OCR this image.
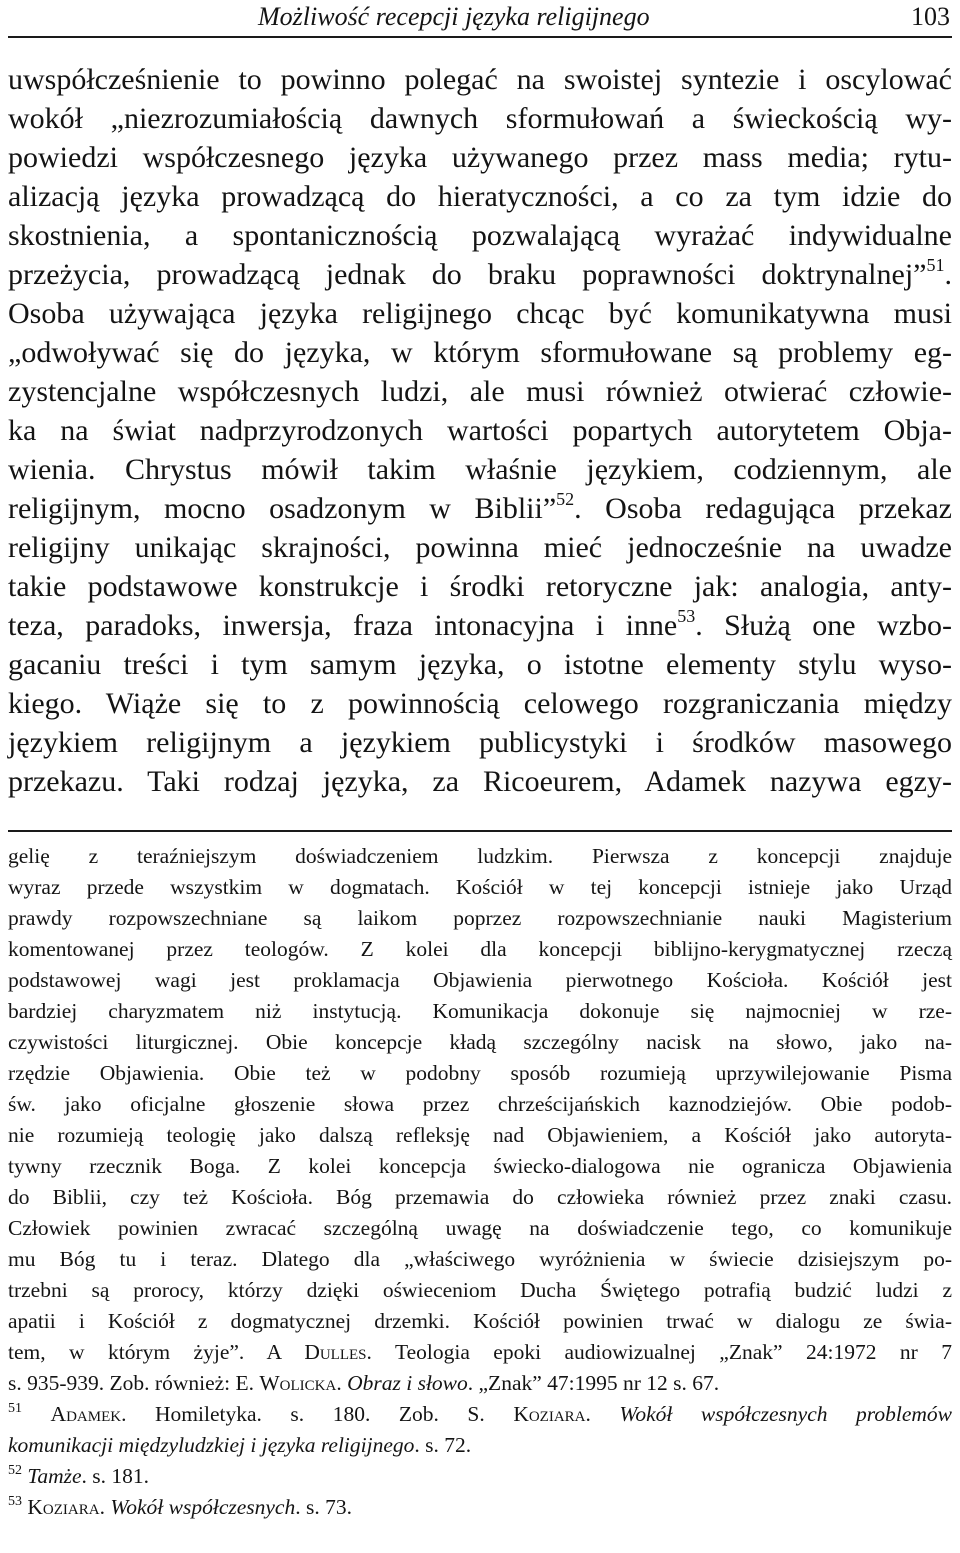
Możliwość recepcji języka religijnego	103
uwspółcześnienie to powinno polegać na swoistej syntezie i oscylować
wokół „niezrozumiałością dawnych sformułowań a świeckością wy-
powiedzi współczesnego języka używanego przez mass media; rytu-
alizacją języka prowadzącą do hieratyczności, a co za tym idzie do
skostnienia, a spontanicznością pozwalającą wyrażać indywidualne
przeżycia, prowadzącą jednak do braku poprawności doktrynalnej”$^{51}$.
Osoba używająca języka religijnego chcąc być komunikatywna musi
„odwoływać się do języka, w którym sformułowane są problemy eg-
zystencjalne współczesnych ludzi, ale musi również otwierać człowie-
ka na świat nadprzyrodzonych wartości popartych autorytetem Obja-
wienia. Chrystus mówił takim właśnie językiem, codziennym, ale
religijnym, mocno osadzonym w Biblii”$^{52}$. Osoba redagująca przekaz
religijny unikając skrajności, powinna mieć jednocześnie na uwadze
takie podstawowe konstrukcje i środki retoryczne jak: analogia, anty-
teza, paradoks, inwersja, fraza intonacyjna i inne$^{53}$. Służą one wzbo-
gacaniu treści i tym samym języka, o istotne elementy stylu wyso-
kiego. Wiąże się to z powinnością celowego rozgraniczania między
językiem religijnym a językiem publicystyki i środków masowego
przekazu. Taki rodzaj języka, za Ricoeurem, Adamek nazywa egzy-
gelię z teraźniejszym doświadczeniem ludzkim. Pierwsza z koncepcji znajduje
wyraz przede wszystkim w dogmatach. Kościół w tej koncepcji istnieje jako Urząd
prawdy rozpowszechniane są laikom poprzez rozpowszechnianie nauki Magisterium
komentowanej przez teologów. Z kolei dla koncepcji biblijno-kerygmatycznej rzeczą
podstawowej wagi jest proklamacja Objawienia pierwotnego Kościoła. Kościół jest
bardziej charyzmatem niż instytucją. Komunikacja dokonuje się najmocniej w rze-
czywistości liturgicznej. Obie koncepcje kładą szczególny nacisk na słowo, jako na-
rzędzie Objawienia. Obie też w podobny sposób rozumieją uprzywilejowanie Pisma
św. jako oficjalne głoszenie słowa przez chrześcijańskich kaznodziejów. Obie podob-
nie rozumieją teologię jako dalszą refleksję nad Objawieniem, a Kościół jako autoryta-
tywny rzecznik Boga. Z kolei koncepcja świecko-dialogowa nie ogranicza Objawienia
do Biblii, czy też Kościoła. Bóg przemawia do człowieka również przez znaki czasu.
Człowiek powinien zwracać szczególną uwagę na doświadczenie tego, co komunikuje
mu Bóg tu i teraz. Dlatego dla „właściwego wyróżnienia w świecie dzisiejszym po-
trzebni są prorocy, którzy dzięki oświeceniom Ducha Świętego potrafią budzić ludzi z
apatii i Kościół z dogmatycznej drzemki. Kościół powinien trwać w dialogu ze świa-
tem, w którym żyje”. A Dulles. Teologia epoki audiowizualnej „Znak” 24:1972 nr 7
s. 935-939. Zob. również: E. Wolicka. Obraz i słowo. „Znak” 47:1995 nr 12 s. 67.
$^{51}$ Adamek. Homiletyka. s. 180. Zob. S. Koziara. Wokół współczesnych problemów
komunikacji międzyludzkiej i języka religijnego. s. 72.
$^{52}$ Tamże. s. 181.
$^{53}$ Koziara. Wokół współczesnych. s. 73.
